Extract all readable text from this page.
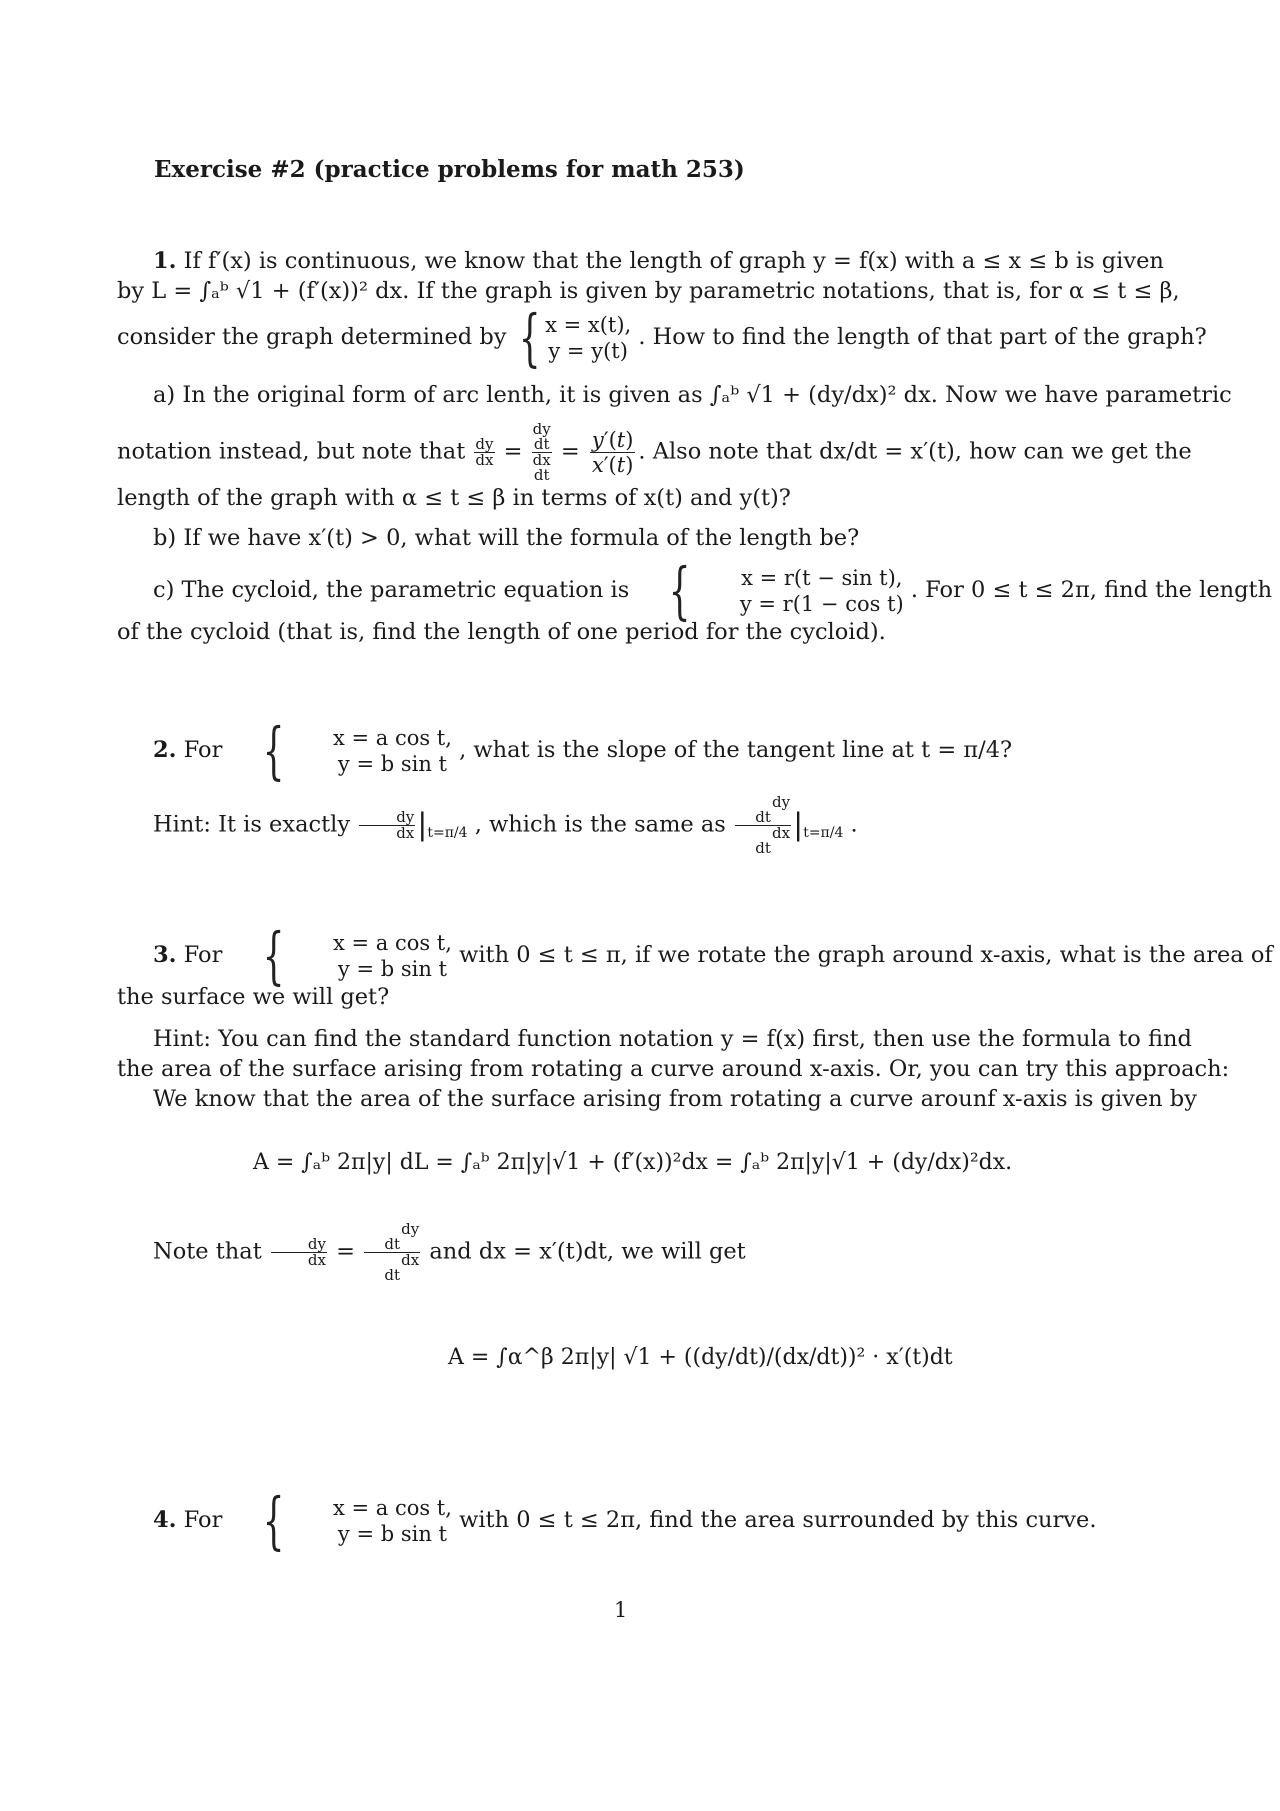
Exercise #2 (practice problems for math 253)
1. If f′(x) is continuous, we know that the length of graph y = f(x) with a ≤ x ≤ b is given
by L = ∫ₐᵇ √1 + (f′(x))² dx. If the graph is given by parametric notations, that is, for α ≤ t ≤ β,
consider the graph determined by { x = x(t),
y = y(t)
. How to find the length of that part of the graph?
a) In the original form of arc lenth, it is given as ∫ₐᵇ √1 + (dy/dx)² dx. Now we have parametric
notation instead, but note that $\frac{dy}{dx}$ =
dy
dt
dx
dt
= $\frac{y'(t)}{x'(t)}$ . Also note that dx/dt = x′(t), how can we get the
length of the graph with α ≤ t ≤ β in terms of x(t) and y(t)?
b) If we have x′(t) > 0, what will the formula of the length be?
c) The cycloid, the parametric equation is {	x = r(t − sin t),
y = r(1 − cos t)
. For 0 ≤ t ≤ 2π, find the length
of the cycloid (that is, find the length of one period for the cycloid).
2. For {	x = a cos t,
y = b sin t
, what is the slope of the tangent line at t = π/4?
Hint: It is exactly $\frac{dy}{dx} |_{t=\pi/4}$ , which is the same as
dy
dt
dx
dt
$|_{t=\pi/4}$ .
3. For {	x = a cos t,
y = b sin t
with 0 ≤ t ≤ π, if we rotate the graph around x-axis, what is the area of
the surface we will get?
Hint: You can find the standard function notation y = f(x) first, then use the formula to find
the area of the surface arising from rotating a curve around x-axis. Or, you can try this approach:
We know that the area of the surface arising from rotating a curve arounf x-axis is given by
A = ∫ₐᵇ 2π|y| dL = ∫ₐᵇ 2π|y|√1 + (f′(x))²dx = ∫ₐᵇ 2π|y|√1 + (dy/dx)²dx.
Note that $\frac{dy}{dx}$ =
dy
dt
dx
dt
and dx = x′(t)dt, we will get
A = ∫α^β 2π|y| √1 + ((dy/dt)/(dx/dt))² · x′(t)dt
4. For {	x = a cos t,
y = b sin t
with 0 ≤ t ≤ 2π, find the area surrounded by this curve.
1
